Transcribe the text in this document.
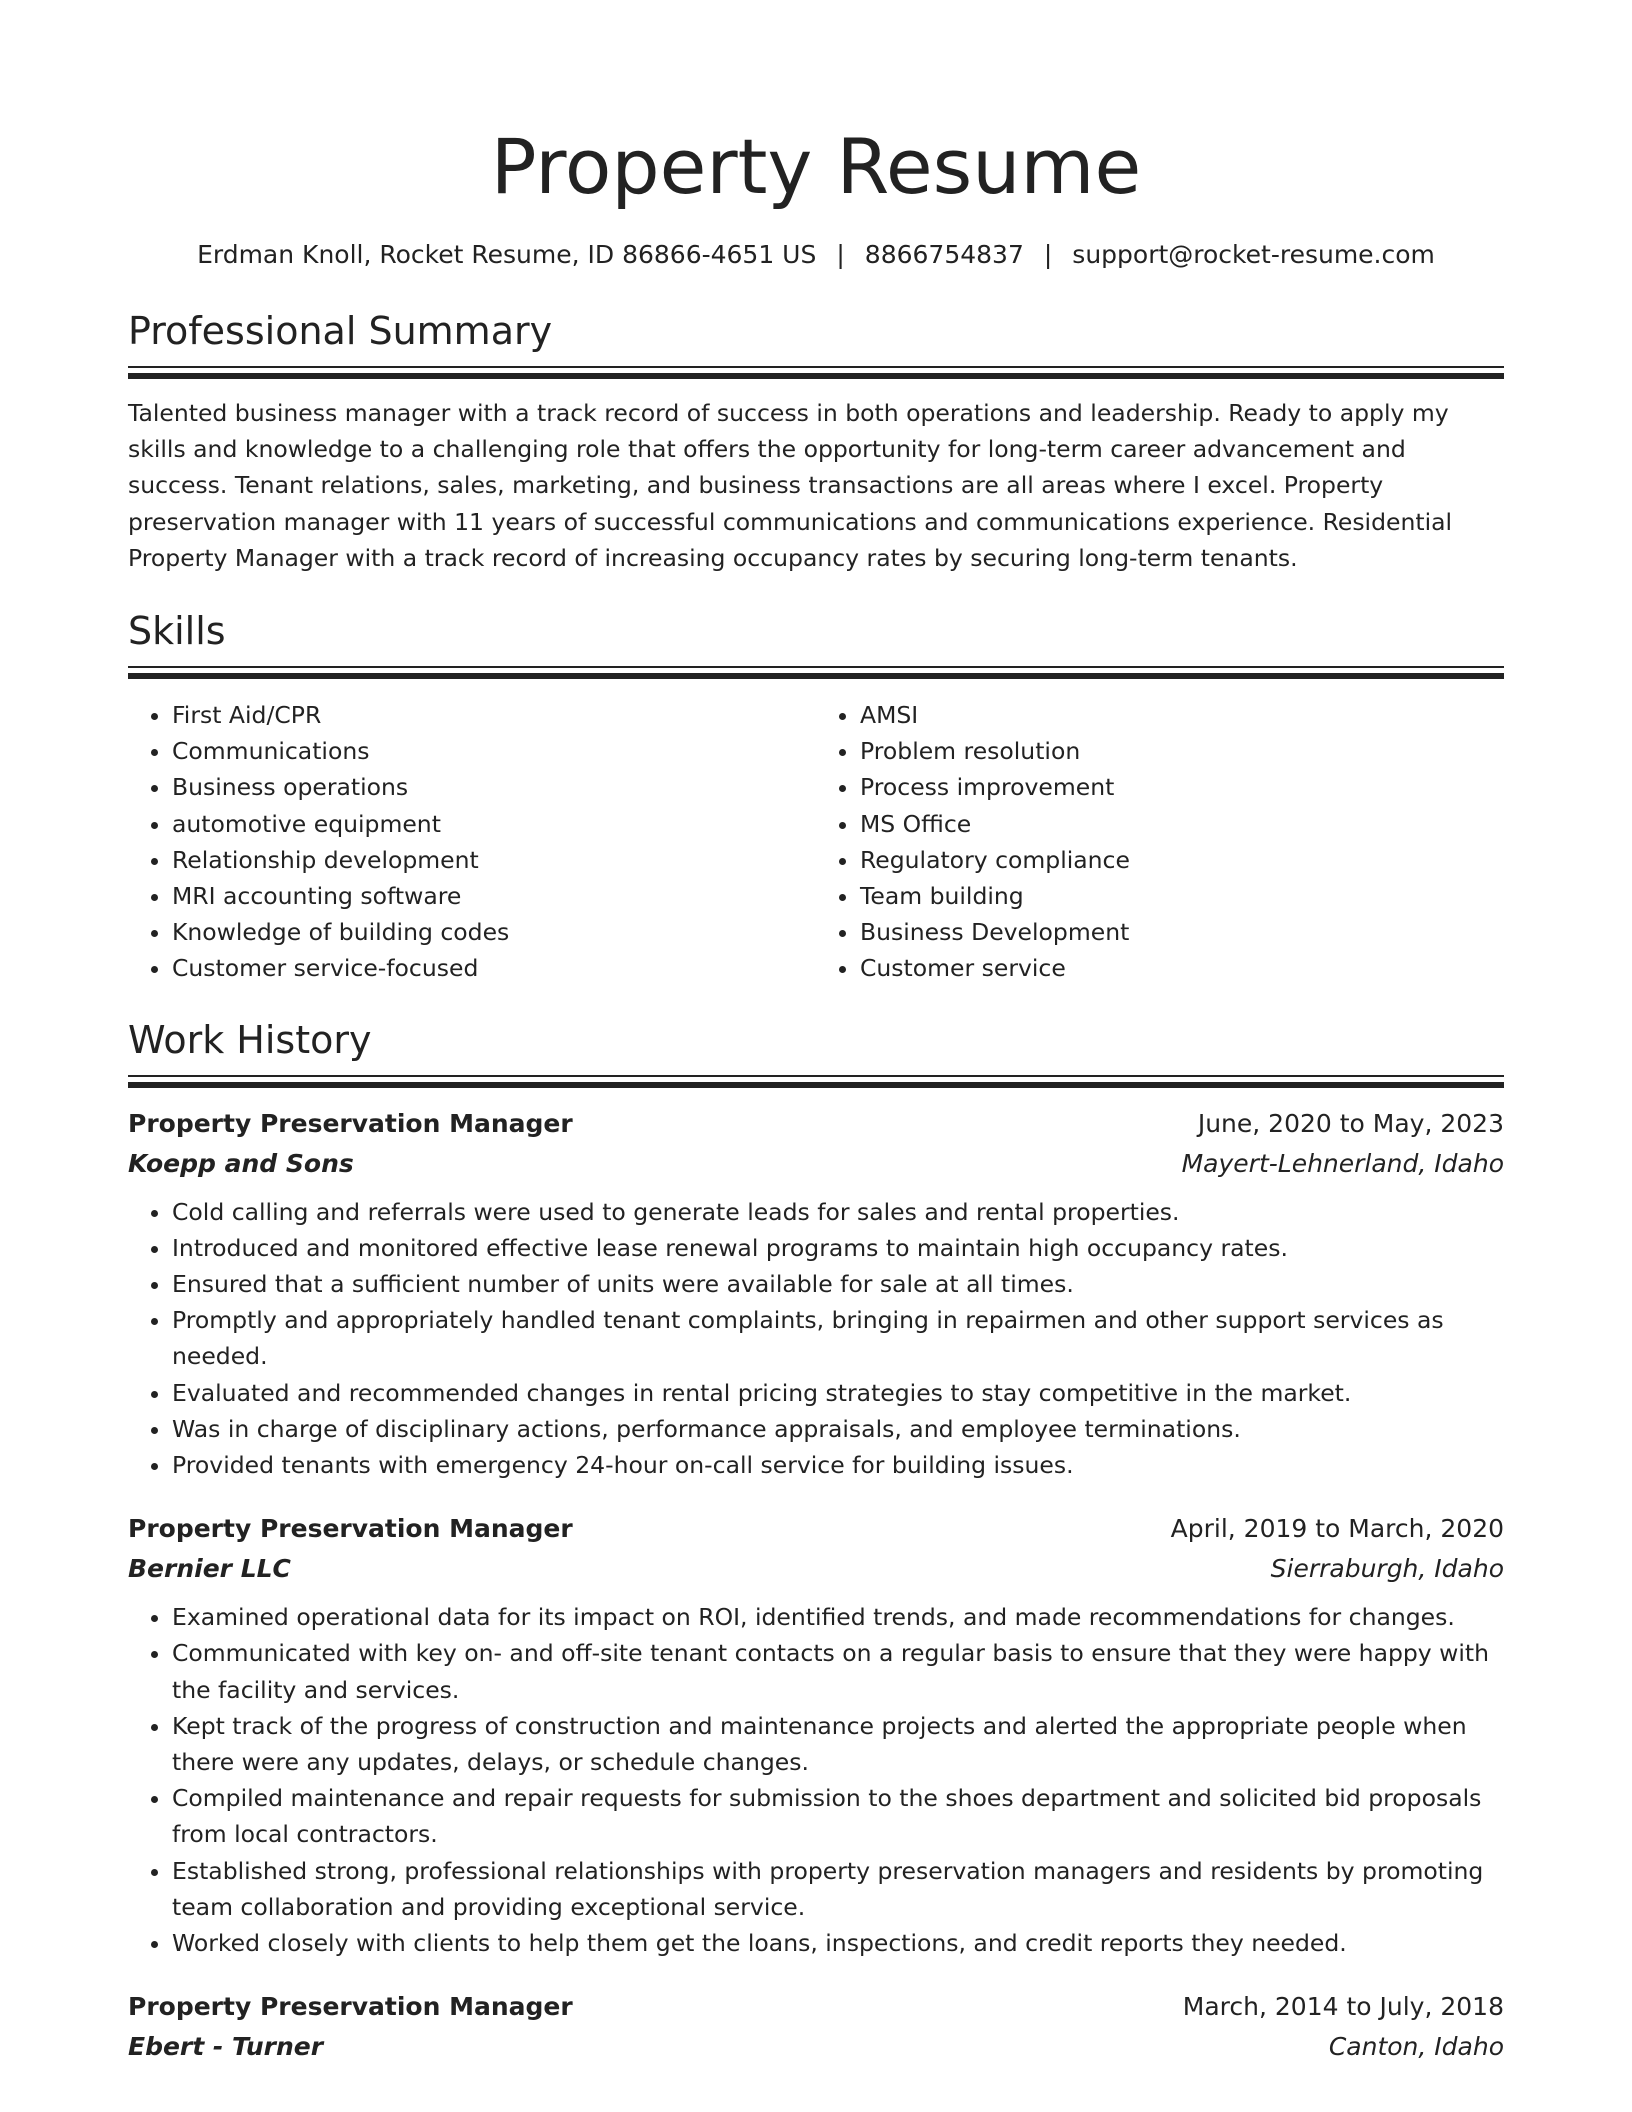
Property Resume
Erdman Knoll, Rocket Resume, ID 86866-4651 US | 8866754837 | support@rocket-resume.com
Professional Summary

Talented business manager with a track record of success in both operations and leadership. Ready to apply my skills and knowledge to a challenging role that offers the opportunity for long-term career advancement and success. Tenant relations, sales, marketing, and business transactions are all areas where I excel. Property preservation manager with 11 years of successful communications and communications experience. Residential Property Manager with a track record of increasing occupancy rates by securing long-term tenants.

Skills
• First Aid/CPR
• Communications
• Business operations
• automotive equipment
• Relationship development
• MRI accounting software
• Knowledge of building codes
• Customer service-focused
• AMSI
• Problem resolution
• Process improvement
• MS Office
• Regulatory compliance
• Team building
• Business Development
• Customer service
Work History
Property Preservation Manager	June, 2020 to May, 2023
Koepp and Sons	Mayert-Lehnerland, Idaho
• Cold calling and referrals were used to generate leads for sales and rental properties.
• Introduced and monitored effective lease renewal programs to maintain high occupancy rates.
• Ensured that a sufficient number of units were available for sale at all times.
• Promptly and appropriately handled tenant complaints, bringing in repairmen and other support services as needed.
• Evaluated and recommended changes in rental pricing strategies to stay competitive in the market.
• Was in charge of disciplinary actions, performance appraisals, and employee terminations.
• Provided tenants with emergency 24-hour on-call service for building issues.
Property Preservation Manager	April, 2019 to March, 2020
Bernier LLC	Sierraburgh, Idaho
• Examined operational data for its impact on ROI, identified trends, and made recommendations for changes.
• Communicated with key on- and off-site tenant contacts on a regular basis to ensure that they were happy with the facility and services.
• Kept track of the progress of construction and maintenance projects and alerted the appropriate people when there were any updates, delays, or schedule changes.
• Compiled maintenance and repair requests for submission to the shoes department and solicited bid proposals from local contractors.
• Established strong, professional relationships with property preservation managers and residents by promoting team collaboration and providing exceptional service.
• Worked closely with clients to help them get the loans, inspections, and credit reports they needed.
Property Preservation Manager	March, 2014 to July, 2018
Ebert - Turner	Canton, Idaho
